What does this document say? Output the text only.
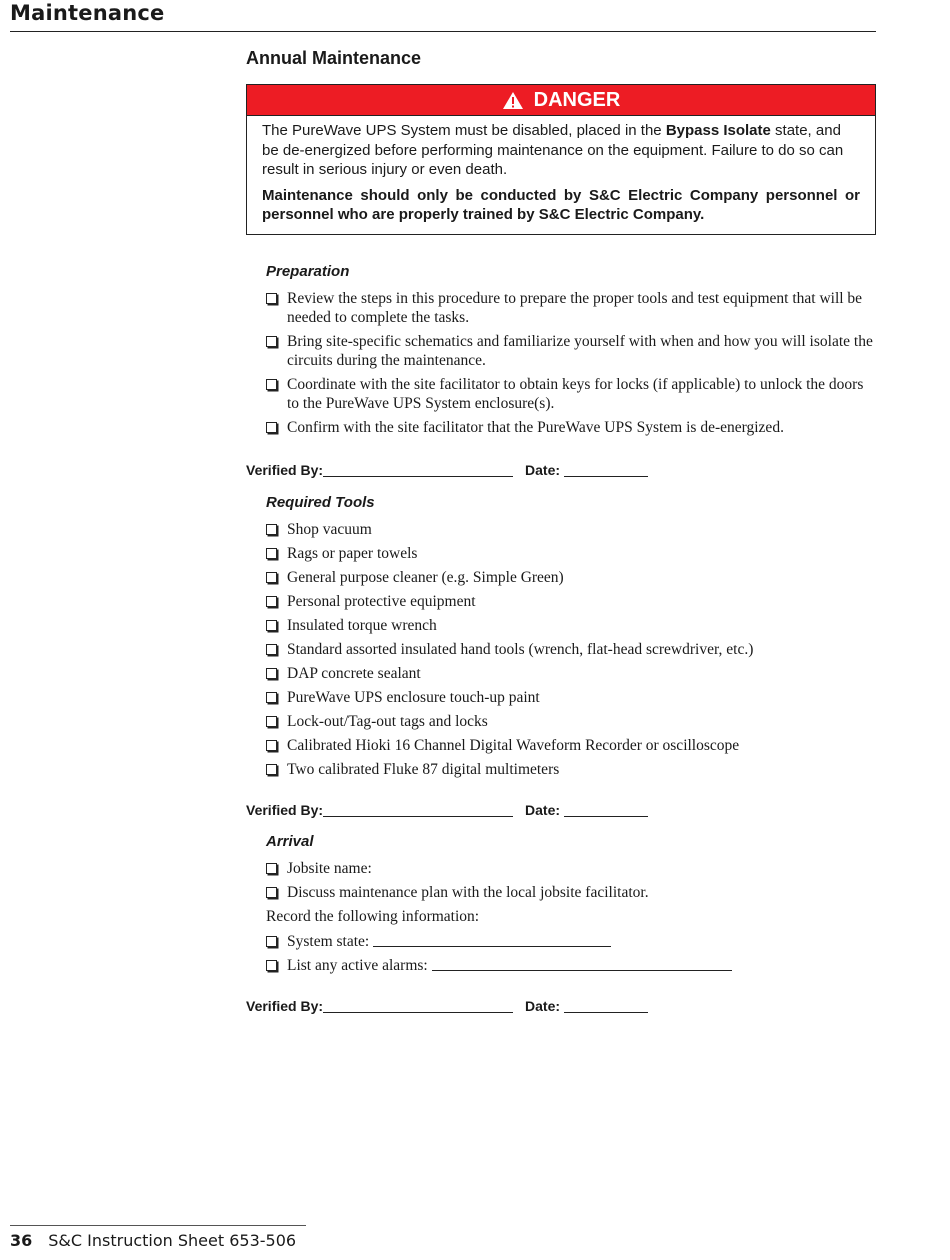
Maintenance
Annual Maintenance
DANGER

The PureWave UPS System must be disabled, placed in the Bypass Isolate state, and be de-energized before performing maintenance on the equipment. Failure to do so can result in serious injury or even death.

Maintenance should only be conducted by S&C Electric Company personnel or personnel who are properly trained by S&C Electric Company.

Preparation
Review the steps in this procedure to prepare the proper tools and test equipment that will be needed to complete the tasks.
Bring site-specific schematics and familiarize yourself with when and how you will isolate the circuits during the maintenance.
Coordinate with the site facilitator to obtain keys for locks (if applicable) to unlock the doors to the PureWave UPS System enclosure(s).
Confirm with the site facilitator that the PureWave UPS System is de-energized.
Verified By:	Date:
Required Tools
Shop vacuum
Rags or paper towels
General purpose cleaner (e.g. Simple Green)
Personal protective equipment
Insulated torque wrench
Standard assorted insulated hand tools (wrench, flat-head screwdriver, etc.)
DAP concrete sealant
PureWave UPS enclosure touch-up paint
Lock-out/Tag-out tags and locks
Calibrated Hioki 16 Channel Digital Waveform Recorder or oscilloscope
Two calibrated Fluke 87 digital multimeters
Verified By:	Date:
Arrival
Jobsite name:
Discuss maintenance plan with the local jobsite facilitator.
Record the following information:
System state:
List any active alarms:
Verified By:	Date:
36 S&C Instruction Sheet 653-506
